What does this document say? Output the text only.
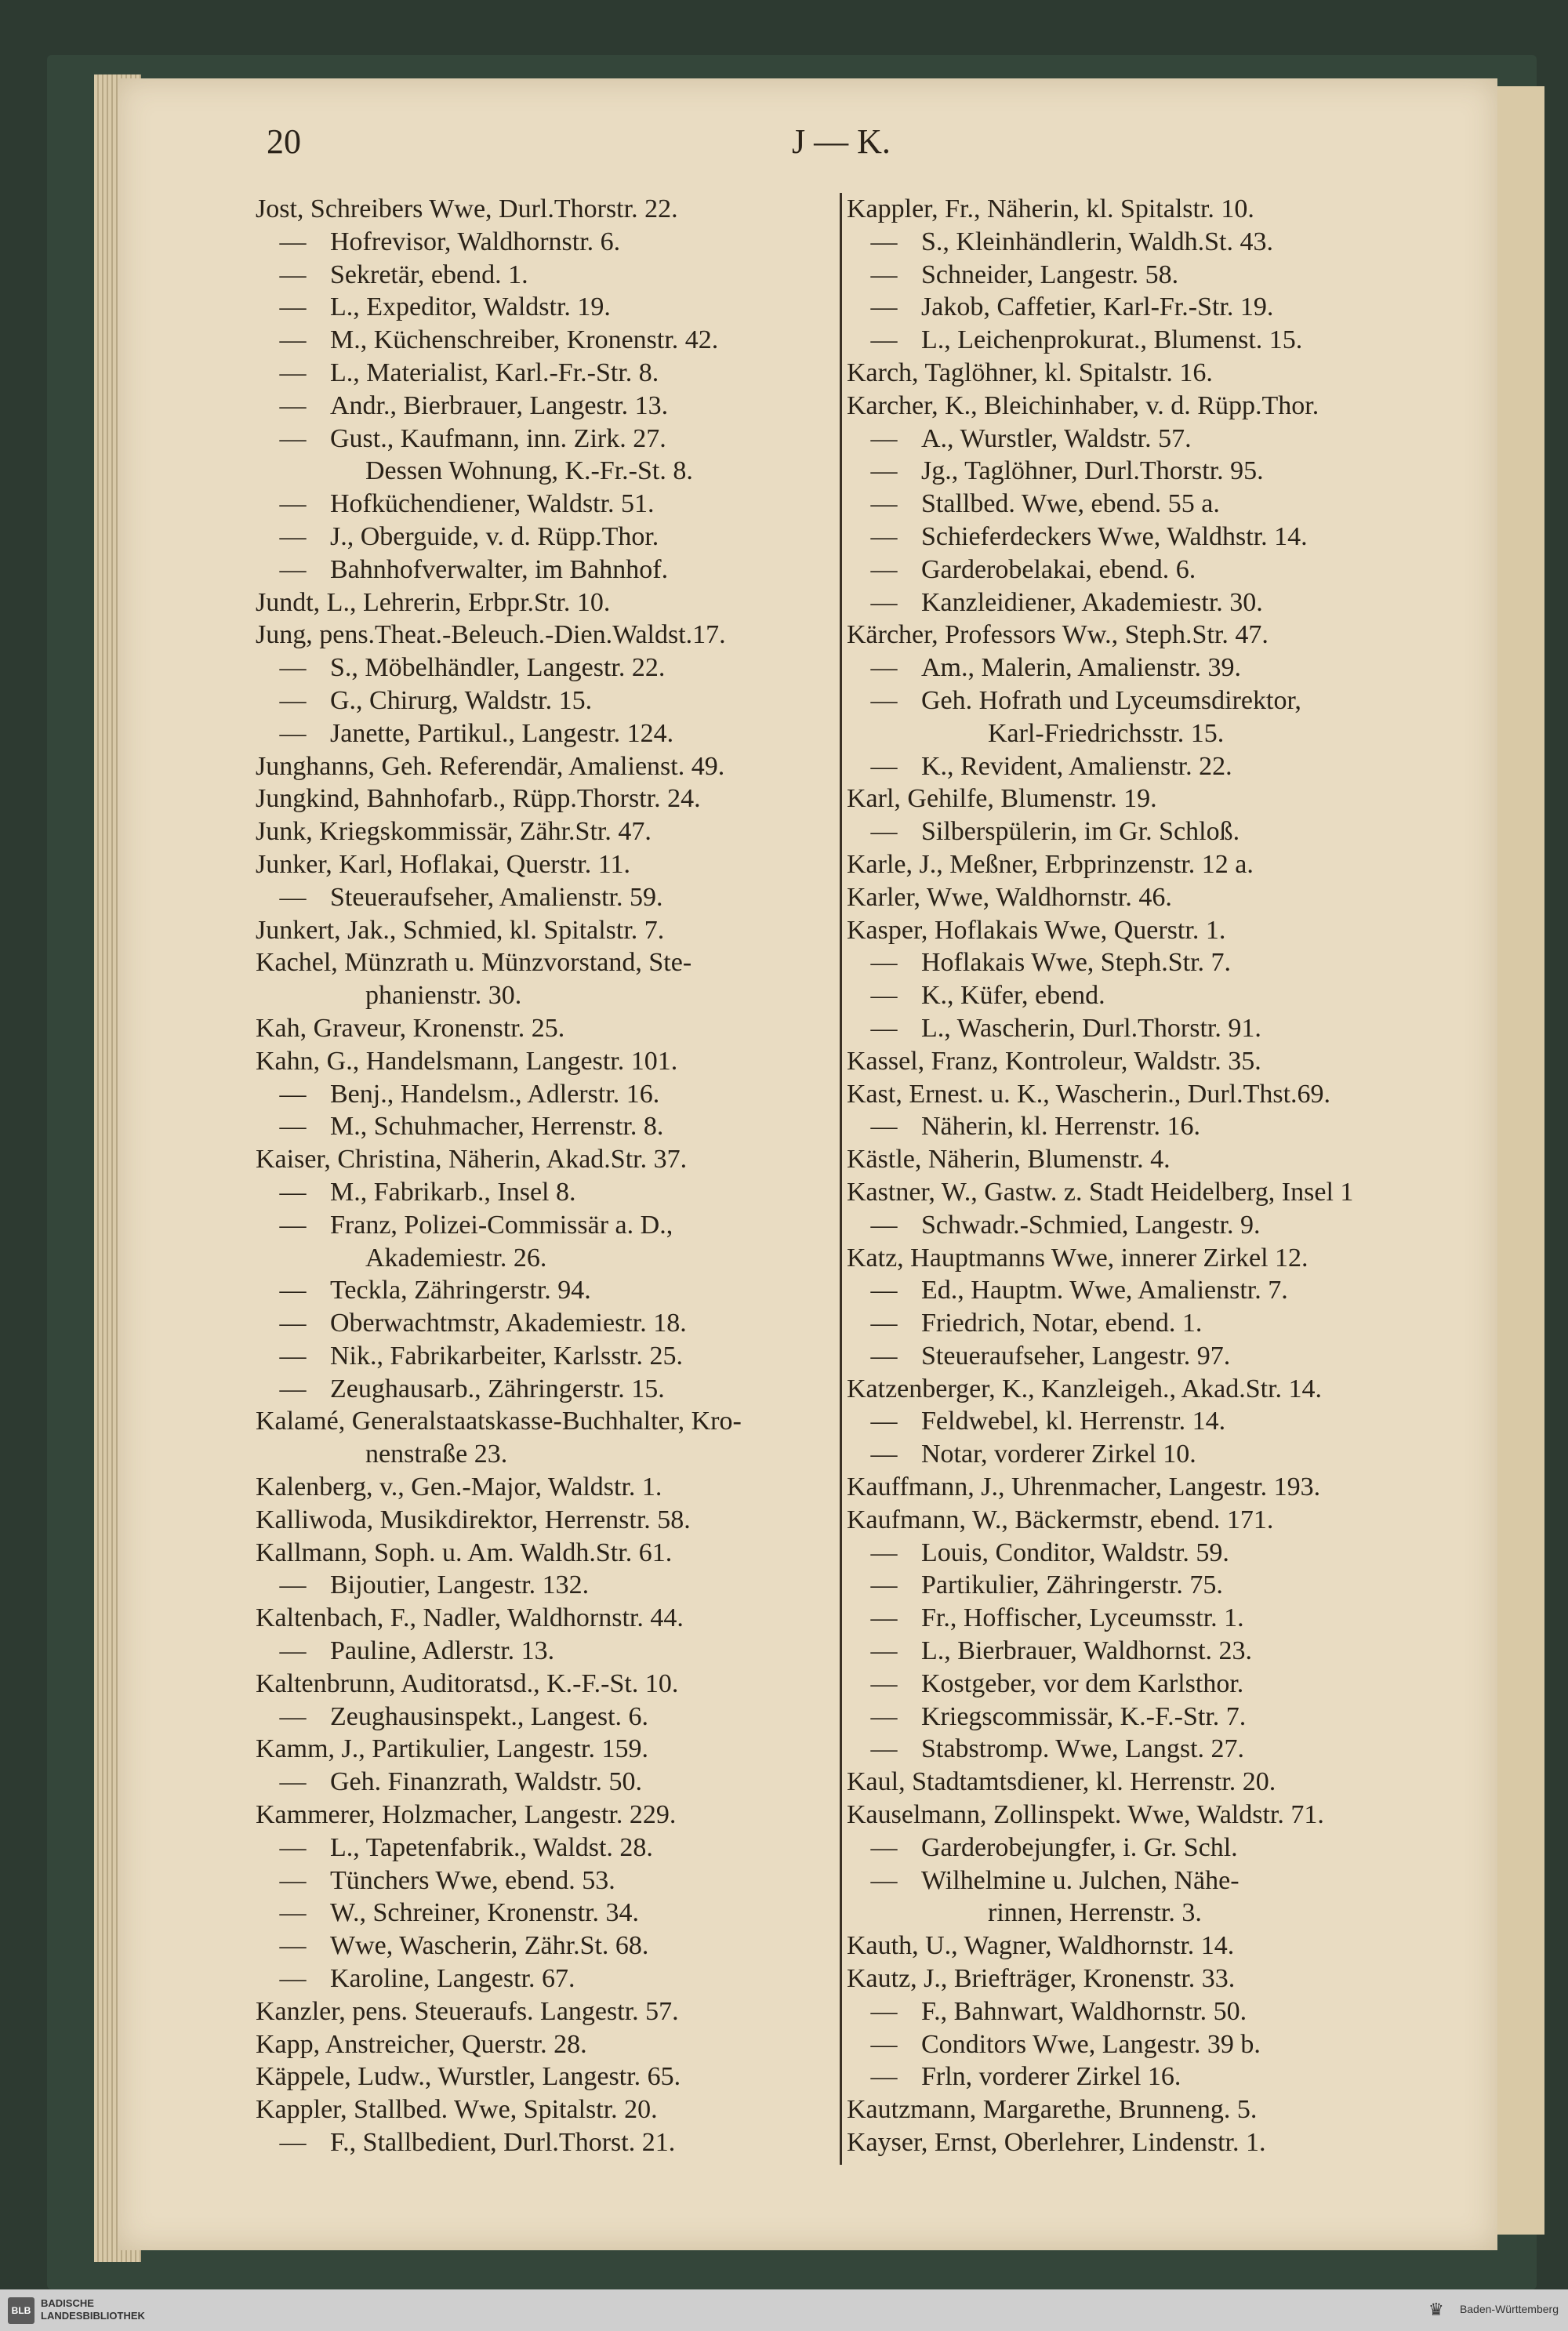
20	J — K.
Jost, Schreibers Wwe, Durl.Thorstr. 22.
— Hofrevisor, Waldhornstr. 6.
— Sekretär, ebend. 1.
— L., Expeditor, Waldstr. 19.
— M., Küchenschreiber, Kronenstr. 42.
— L., Materialist, Karl.-Fr.-Str. 8.
— Andr., Bierbrauer, Langestr. 13.
— Gust., Kaufmann, inn. Zirk. 27.
Dessen Wohnung, K.-Fr.-St. 8.
— Hofküchendiener, Waldstr. 51.
— J., Oberguide, v. d. Rüpp.Thor.
— Bahnhofverwalter, im Bahnhof.
Jundt, L., Lehrerin, Erbpr.Str. 10.
Jung, pens.Theat.-Beleuch.-Dien.Waldst.17.
— S., Möbelhändler, Langestr. 22.
— G., Chirurg, Waldstr. 15.
— Janette, Partikul., Langestr. 124.
Junghanns, Geh. Referendär, Amalienst. 49.
Jungkind, Bahnhofarb., Rüpp.Thorstr. 24.
Junk, Kriegskommissär, Zähr.Str. 47.
Junker, Karl, Hoflakai, Querstr. 11.
— Steueraufseher, Amalienstr. 59.
Junkert, Jak., Schmied, kl. Spitalstr. 7.
Kachel, Münzrath u. Münzvorstand, Ste-
phanienstr. 30.
Kah, Graveur, Kronenstr. 25.
Kahn, G., Handelsmann, Langestr. 101.
— Benj., Handelsm., Adlerstr. 16.
— M., Schuhmacher, Herrenstr. 8.
Kaiser, Christina, Näherin, Akad.Str. 37.
— M., Fabrikarb., Insel 8.
— Franz, Polizei-Commissär a. D.,
Akademiestr. 26.
— Teckla, Zähringerstr. 94.
— Oberwachtmstr, Akademiestr. 18.
— Nik., Fabrikarbeiter, Karlsstr. 25.
— Zeughausarb., Zähringerstr. 15.
Kalamé, Generalstaatskasse-Buchhalter, Kro-
nenstraße 23.
Kalenberg, v., Gen.-Major, Waldstr. 1.
Kalliwoda, Musikdirektor, Herrenstr. 58.
Kallmann, Soph. u. Am. Waldh.Str. 61.
— Bijoutier, Langestr. 132.
Kaltenbach, F., Nadler, Waldhornstr. 44.
— Pauline, Adlerstr. 13.
Kaltenbrunn, Auditoratsd., K.-F.-St. 10.
— Zeughausinspekt., Langest. 6.
Kamm, J., Partikulier, Langestr. 159.
— Geh. Finanzrath, Waldstr. 50.
Kammerer, Holzmacher, Langestr. 229.
— L., Tapetenfabrik., Waldst. 28.
— Tünchers Wwe, ebend. 53.
— W., Schreiner, Kronenstr. 34.
— Wwe, Wascherin, Zähr.St. 68.
— Karoline, Langestr. 67.
Kanzler, pens. Steueraufs. Langestr. 57.
Kapp, Anstreicher, Querstr. 28.
Käppele, Ludw., Wurstler, Langestr. 65.
Kappler, Stallbed. Wwe, Spitalstr. 20.
— F., Stallbedient, Durl.Thorst. 21.
Kappler, Fr., Näherin, kl. Spitalstr. 10.
— S., Kleinhändlerin, Waldh.St. 43.
— Schneider, Langestr. 58.
— Jakob, Caffetier, Karl-Fr.-Str. 19.
— L., Leichenprokurat., Blumenst. 15.
Karch, Taglöhner, kl. Spitalstr. 16.
Karcher, K., Bleichinhaber, v. d. Rüpp.Thor.
— A., Wurstler, Waldstr. 57.
— Jg., Taglöhner, Durl.Thorstr. 95.
— Stallbed. Wwe, ebend. 55 a.
— Schieferdeckers Wwe, Waldhstr. 14.
— Garderobelakai, ebend. 6.
— Kanzleidiener, Akademiestr. 30.
Kärcher, Professors Ww., Steph.Str. 47.
— Am., Malerin, Amalienstr. 39.
— Geh. Hofrath und Lyceumsdirektor,
Karl-Friedrichsstr. 15.
— K., Revident, Amalienstr. 22.
Karl, Gehilfe, Blumenstr. 19.
— Silberspülerin, im Gr. Schloß.
Karle, J., Meßner, Erbprinzenstr. 12 a.
Karler, Wwe, Waldhornstr. 46.
Kasper, Hoflakais Wwe, Querstr. 1.
— Hoflakais Wwe, Steph.Str. 7.
— K., Küfer, ebend.
— L., Wascherin, Durl.Thorstr. 91.
Kassel, Franz, Kontroleur, Waldstr. 35.
Kast, Ernest. u. K., Wascherin., Durl.Thst.69.
— Näherin, kl. Herrenstr. 16.
Kästle, Näherin, Blumenstr. 4.
Kastner, W., Gastw. z. Stadt Heidelberg, Insel 1
— Schwadr.-Schmied, Langestr. 9.
Katz, Hauptmanns Wwe, innerer Zirkel 12.
— Ed., Hauptm. Wwe, Amalienstr. 7.
— Friedrich, Notar, ebend. 1.
— Steueraufseher, Langestr. 97.
Katzenberger, K., Kanzleigeh., Akad.Str. 14.
— Feldwebel, kl. Herrenstr. 14.
— Notar, vorderer Zirkel 10.
Kauffmann, J., Uhrenmacher, Langestr. 193.
Kaufmann, W., Bäckermstr, ebend. 171.
— Louis, Conditor, Waldstr. 59.
— Partikulier, Zähringerstr. 75.
— Fr., Hoffischer, Lyceumsstr. 1.
— L., Bierbrauer, Waldhornst. 23.
— Kostgeber, vor dem Karlsthor.
— Kriegscommissär, K.-F.-Str. 7.
— Stabstromp. Wwe, Langst. 27.
Kaul, Stadtamtsdiener, kl. Herrenstr. 20.
Kauselmann, Zollinspekt. Wwe, Waldstr. 71.
— Garderobejungfer, i. Gr. Schl.
— Wilhelmine u. Julchen, Nähe-
rinnen, Herrenstr. 3.
Kauth, U., Wagner, Waldhornstr. 14.
Kautz, J., Briefträger, Kronenstr. 33.
— F., Bahnwart, Waldhornstr. 50.
— Conditors Wwe, Langestr. 39 b.
— Frln, vorderer Zirkel 16.
Kautzmann, Margarethe, Brunneng. 5.
Kayser, Ernst, Oberlehrer, Lindenstr. 1.
BLB
BADISCHE
LANDESBIBLIOTHEK	♛	Baden-Württemberg
